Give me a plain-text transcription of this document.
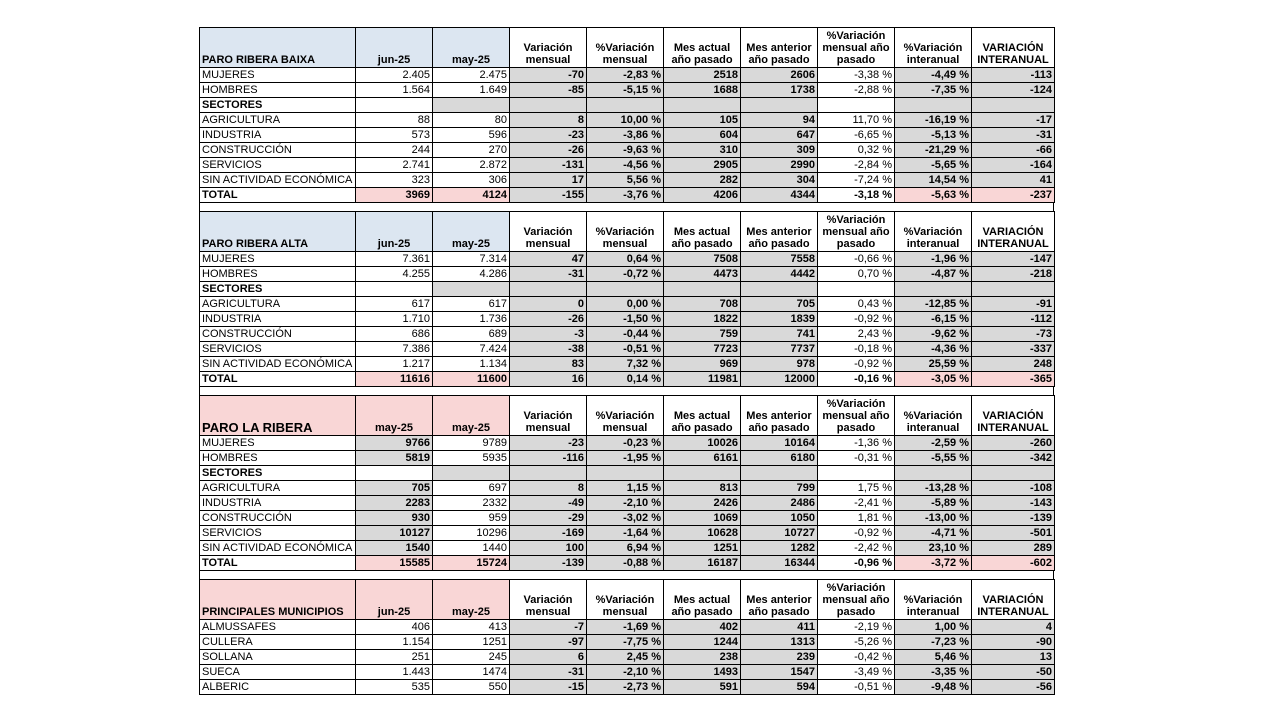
PARO RIBERA BAIXA	jun-25	may-25	Variación mensual	%Variación mensual	Mes actual año pasado	Mes anterior año pasado	%Variación mensual año pasado	%Variación interanual	VARIACIÓN INTERANUAL
MUJERES	2.405	2.475	-70	-2,83 %	2518	2606	-3,38 %	-4,49 %	-113
HOMBRES	1.564	1.649	-85	-5,15 %	1688	1738	-2,88 %	-7,35 %	-124
SECTORES									
AGRICULTURA	88	80	8	10,00 %	105	94	11,70 %	-16,19 %	-17
INDUSTRIA	573	596	-23	-3,86 %	604	647	-6,65 %	-5,13 %	-31
CONSTRUCCIÓN	244	270	-26	-9,63 %	310	309	0,32 %	-21,29 %	-66
SERVICIOS	2.741	2.872	-131	-4,56 %	2905	2990	-2,84 %	-5,65 %	-164
SIN ACTIVIDAD ECONÓMICA	323	306	17	5,56 %	282	304	-7,24 %	14,54 %	41
TOTAL	3969	4124	-155	-3,76 %	4206	4344	-3,18 %	-5,63 %	-237
PARO RIBERA ALTA	jun-25	may-25	Variación mensual	%Variación mensual	Mes actual año pasado	Mes anterior año pasado	%Variación mensual año pasado	%Variación interanual	VARIACIÓN INTERANUAL
MUJERES	7.361	7.314	47	0,64 %	7508	7558	-0,66 %	-1,96 %	-147
HOMBRES	4.255	4.286	-31	-0,72 %	4473	4442	0,70 %	-4,87 %	-218
SECTORES									
AGRICULTURA	617	617	0	0,00 %	708	705	0,43 %	-12,85 %	-91
INDUSTRIA	1.710	1.736	-26	-1,50 %	1822	1839	-0,92 %	-6,15 %	-112
CONSTRUCCIÓN	686	689	-3	-0,44 %	759	741	2,43 %	-9,62 %	-73
SERVICIOS	7.386	7.424	-38	-0,51 %	7723	7737	-0,18 %	-4,36 %	-337
SIN ACTIVIDAD ECONÓMICA	1.217	1.134	83	7,32 %	969	978	-0,92 %	25,59 %	248
TOTAL	11616	11600	16	0,14 %	11981	12000	-0,16 %	-3,05 %	-365
PARO LA RIBERA	may-25	may-25	Variación mensual	%Variación mensual	Mes actual año pasado	Mes anterior año pasado	%Variación mensual año pasado	%Variación interanual	VARIACIÓN INTERANUAL
MUJERES	9766	9789	-23	-0,23 %	10026	10164	-1,36 %	-2,59 %	-260
HOMBRES	5819	5935	-116	-1,95 %	6161	6180	-0,31 %	-5,55 %	-342
SECTORES									
AGRICULTURA	705	697	8	1,15 %	813	799	1,75 %	-13,28 %	-108
INDUSTRIA	2283	2332	-49	-2,10 %	2426	2486	-2,41 %	-5,89 %	-143
CONSTRUCCIÓN	930	959	-29	-3,02 %	1069	1050	1,81 %	-13,00 %	-139
SERVICIOS	10127	10296	-169	-1,64 %	10628	10727	-0,92 %	-4,71 %	-501
SIN ACTIVIDAD ECONÓMICA	1540	1440	100	6,94 %	1251	1282	-2,42 %	23,10 %	289
TOTAL	15585	15724	-139	-0,88 %	16187	16344	-0,96 %	-3,72 %	-602
PRINCIPALES MUNICIPIOS	jun-25	may-25	Variación mensual	%Variación mensual	Mes actual año pasado	Mes anterior año pasado	%Variación mensual año pasado	%Variación interanual	VARIACIÓN INTERANUAL
ALMUSSAFES	406	413	-7	-1,69 %	402	411	-2,19 %	1,00 %	4
CULLERA	1.154	1251	-97	-7,75 %	1244	1313	-5,26 %	-7,23 %	-90
SOLLANA	251	245	6	2,45 %	238	239	-0,42 %	5,46 %	13
SUECA	1.443	1474	-31	-2,10 %	1493	1547	-3,49 %	-3,35 %	-50
ALBERIC	535	550	-15	-2,73 %	591	594	-0,51 %	-9,48 %	-56
